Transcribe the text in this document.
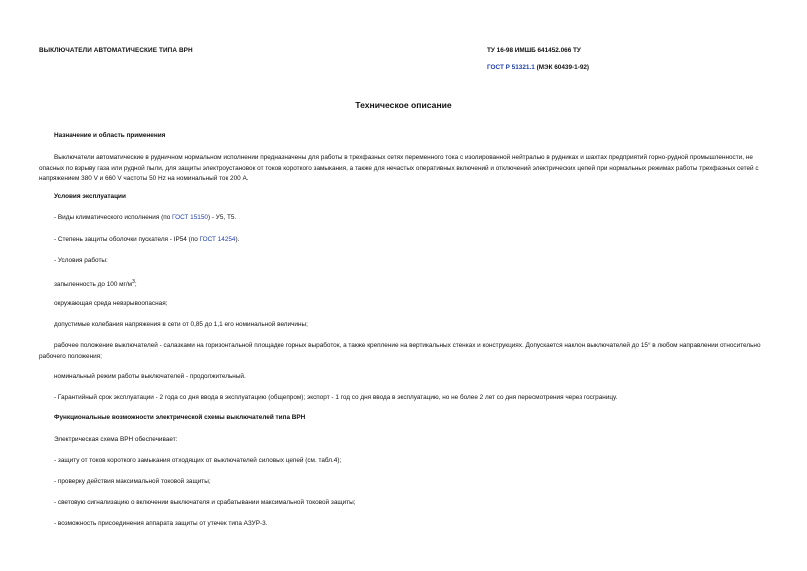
ВЫКЛЮЧАТЕЛИ АВТОМАТИЧЕСКИЕ ТИПА ВРН	ТУ 16-98 ИМШБ 641452.066 ТУ
ГОСТ Р 51321.1 (МЭК 60439-1-92)
Техническое описание
Назначение и область применения
Выключатели автоматические в рудничном нормальном исполнении предназначены для работы в трехфазных сетях переменного тока с изолированной нейтралью в рудниках и шахтах предприятий горно-рудной промышленности, не опасных по взрыву газа или рудной пыли, для защиты электроустановок от токов короткого замыкания, а также для нечастых оперативных включений и отключений электрических цепей при нормальных режимах работы трехфазных сетей с напряжением 380 V и 660 V частоты 50 Hz на номинальный ток 200 А.
Условия эксплуатации
- Виды климатического исполнения (по ГОСТ 15150) - У5, Т5.
- Степень защиты оболочки пускателя - IP54 (по ГОСТ 14254).
- Условия работы:
запыленность до 100 $мг/м^3$;
окружающая среда невзрывоопасная;
допустимые колебания напряжения в сети от 0,85 до 1,1 его номинальной величины;
рабочее положение выключателей - салазками на горизонтальной площадке горных выработок, а также крепление на вертикальных стенках и конструкциях. Допускается наклон выключателей до 15° в любом направлении относительно рабочего положения;
номинальный режим работы выключателей - продолжительный.
- Гарантийный срок эксплуатации - 2 года со дня ввода в эксплуатацию (общепром); экспорт - 1 год со дня ввода в эксплуатацию, но не более 2 лет со дня пересмотрения через госграницу.
Функциональные возможности электрической схемы выключателей типа ВРН
Электрическая схема ВРН обеспечивает:
- защиту от токов короткого замыкания отходящих от выключателей силовых цепей (см. табл.4);
- проверку действия максимальной токовой защиты;
- световую сигнализацию о включении выключателя и срабатывании максимальной токовой защиты;
- возможность присоединения аппарата защиты от утечек типа АЗУР-3.
